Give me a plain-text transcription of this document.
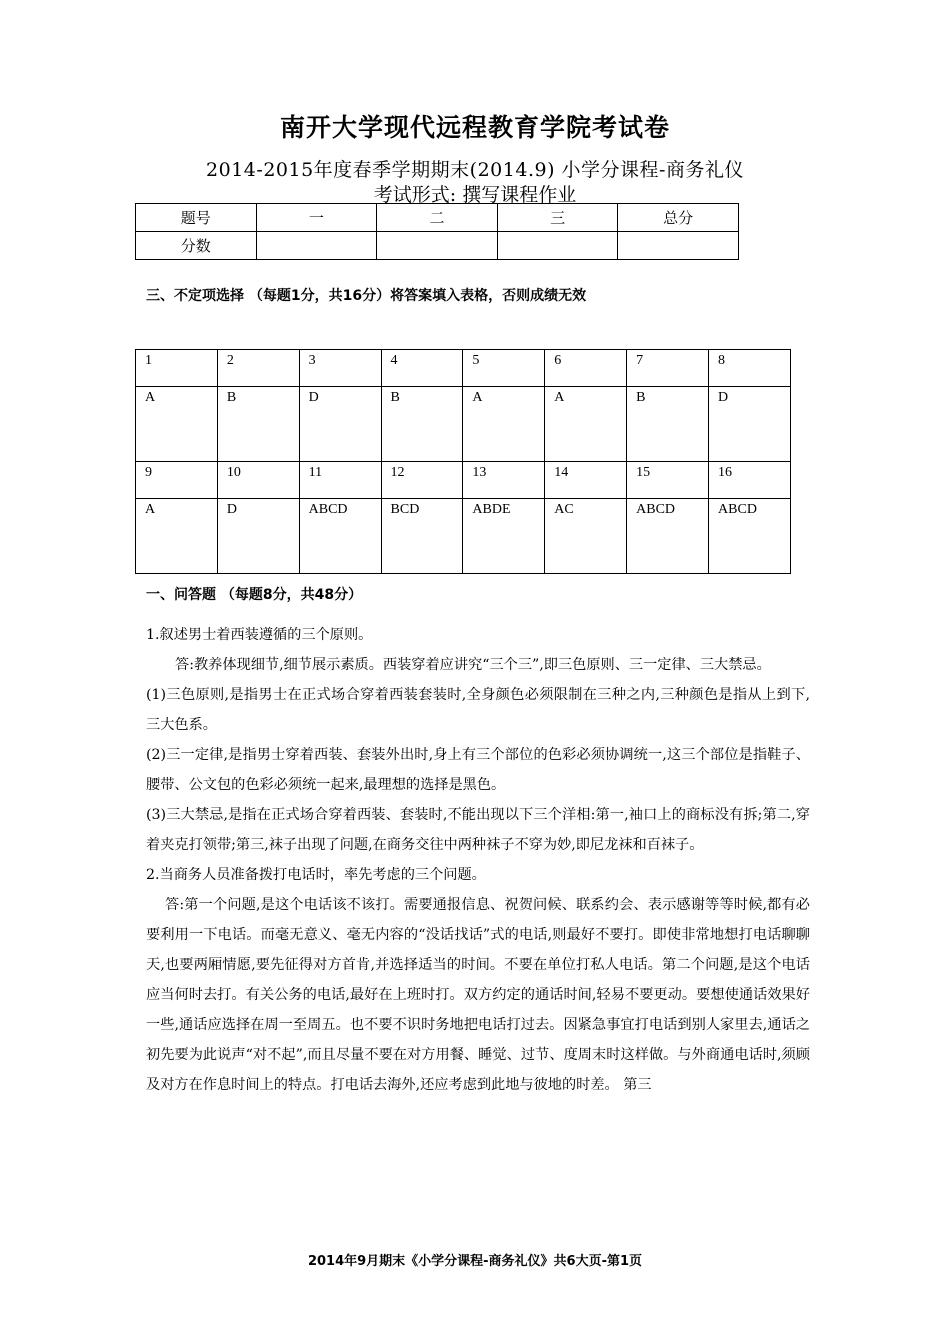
南开大学现代远程教育学院考试卷
2014-2015年度春季学期期末(2014.9) 小学分课程-商务礼仪
考试形式: 撰写课程作业
题号	一	二	三	总分
分数				
三、不定项选择 （每题1分，共16分）将答案填入表格，否则成绩无效
1	2	3	4	5	6	7	8
A	B	D	B	A	A	B	D
9	10	11	12	13	14	15	16
A	D	ABCD	BCD	ABDE	AC	ABCD	ABCD
一、问答题 （每题8分，共48分）

1.叙述男士着西装遵循的三个原则。

答:教养体现细节,细节展示素质。西装穿着应讲究“三个三”,即三色原则、三一定律、三大禁忌。

(1)三色原则,是指男士在正式场合穿着西装套装时,全身颜色必须限制在三种之内,三种颜色是指从上到下, 三大色系。

(2)三一定律,是指男士穿着西装、套装外出时,身上有三个部位的色彩必须协调统一,这三个部位是指鞋子、腰带、公文包的色彩必须统一起来,最理想的选择是黑色。

(3)三大禁忌,是指在正式场合穿着西装、套装时,不能出现以下三个洋相:第一,袖口上的商标没有拆;第二,穿着夹克打领带;第三,袜子出现了问题,在商务交往中两种袜子不穿为妙,即尼龙袜和百袜子。

2.当商务人员准备拨打电话时，率先考虑的三个问题。

答:第一个问题,是这个电话该不该打。需要通报信息、祝贺问候、联系约会、表示感谢等等时候,都有必要利用一下电话。而毫无意义、毫无内容的“没话找话”式的电话,则最好不要打。即使非常地想打电话聊聊天,也要两厢情愿,要先征得对方首肯,并选择适当的时间。不要在单位打私人电话。第二个问题,是这个电话应当何时去打。有关公务的电话,最好在上班时打。双方约定的通话时间,轻易不要更动。要想使通话效果好一些,通话应选择在周一至周五。也不要不识时务地把电话打过去。因紧急事宜打电话到别人家里去,通话之初先要为此说声“对不起”,而且尽量不要在对方用餐、睡觉、过节、度周末时这样做。与外商通电话时,须顾及对方在作息时间上的特点。打电话去海外,还应考虑到此地与彼地的时差。 第三

2014年9月期末《小学分课程-商务礼仪》共6大页-第1页
